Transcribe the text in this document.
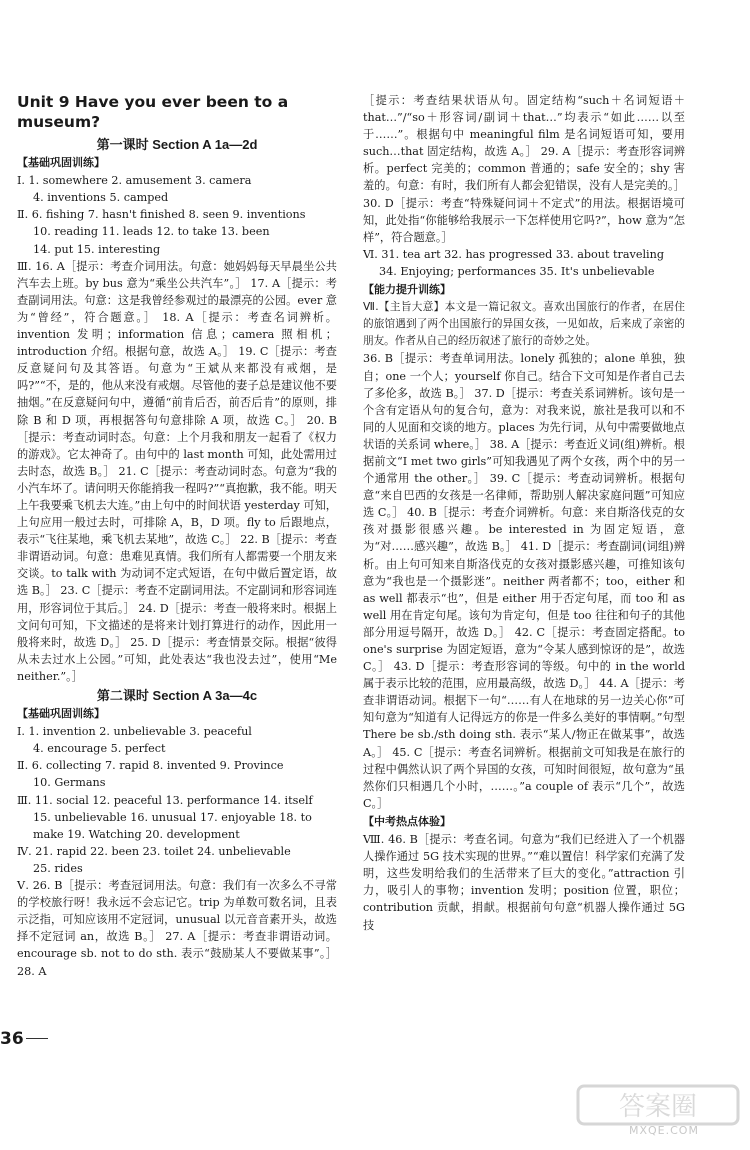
Unit 9 Have you ever been to a museum?
第一课时 Section A 1a—2d
【基础巩固训练】

Ⅰ. 1. somewhere 2. amusement 3. camera

4. inventions 5. camped

Ⅱ. 6. fishing 7. hasn't finished 8. seen 9. inventions

10. reading 11. leads 12. to take 13. been

14. put 15. interesting

Ⅲ. 16. A［提示：考查介词用法。句意：她妈妈每天早晨坐公共汽车去上班。by bus 意为“乘坐公共汽车”。］ 17. A［提示：考查副词用法。句意：这是我曾经参观过的最漂亮的公园。ever 意为“曾经”，符合题意。］ 18. A［提示：考查名词辨析。invention 发明；information 信息；camera 照相机；introduction 介绍。根据句意，故选 A。］ 19. C［提示：考查反意疑问句及其答语。句意为“王斌从来都没有戒烟，是吗?”“不，是的，他从来没有戒烟。尽管他的妻子总是建议他不要抽烟。”在反意疑问句中，遵循“前肯后否，前否后肯”的原则，排除 B 和 D 项，再根据答句句意排除 A 项，故选 C。］ 20. B［提示：考查动词时态。句意：上个月我和朋友一起看了《权力的游戏》。它太神奇了。由句中的 last month 可知，此处需用过去时态，故选 B。］ 21. C［提示：考查动词时态。句意为“我的小汽车坏了。请问明天你能捎我一程吗?”“真抱歉，我不能。明天上午我要乘飞机去大连。”由上句中的时间状语 yesterday 可知，上句应用一般过去时，可排除 A，B，D 项。fly to 后跟地点，表示“飞往某地，乘飞机去某地”，故选 C。］ 22. B［提示：考查非谓语动词。句意：患难见真情。我们所有人都需要一个朋友来交谈。to talk with 为动词不定式短语，在句中做后置定语，故选 B。］ 23. C［提示：考查不定副词用法。不定副词和形容词连用，形容词位于其后。］ 24. D［提示：考查一般将来时。根据上文问句可知，下文描述的是将来计划打算进行的动作，因此用一般将来时，故选 D。］ 25. D［提示：考查情景交际。根据“彼得从未去过水上公园。”可知，此处表达“我也没去过”，使用“Me neither.”。］

第二课时 Section A 3a—4c
【基础巩固训练】

Ⅰ. 1. invention 2. unbelievable 3. peaceful

4. encourage 5. perfect

Ⅱ. 6. collecting 7. rapid 8. invented 9. Province

10. Germans

Ⅲ. 11. social 12. peaceful 13. performance 14. itself

15. unbelievable 16. unusual 17. enjoyable 18. to

make 19. Watching 20. development

Ⅳ. 21. rapid 22. been 23. toilet 24. unbelievable

25. rides

Ⅴ. 26. B［提示：考查冠词用法。句意：我们有一次多么不寻常的学校旅行呀！我永远不会忘记它。trip 为单数可数名词，且表示泛指，可知应该用不定冠词，unusual 以元音音素开头，故选择不定冠词 an，故选 B。］ 27. A［提示：考查非谓语动词。encourage sb. not to do sth. 表示“鼓励某人不要做某事”。］ 28. A

［提示：考查结果状语从句。固定结构“such＋名词短语＋that…”/“so＋形容词/副词＋that…”均表示“如此……以至于……”。根据句中 meaningful film 是名词短语可知，要用 such…that 固定结构，故选 A。］ 29. A［提示：考查形容词辨析。perfect 完美的；common 普通的；safe 安全的；shy 害羞的。句意：有时，我们所有人都会犯错误，没有人是完美的。］ 30. D［提示：考查“特殊疑问词＋不定式”的用法。根据语境可知，此处指“你能够给我展示一下怎样使用它吗?”，how 意为“怎样”，符合题意。］

Ⅵ. 31. tea art 32. has progressed 33. about traveling

34. Enjoying; performances 35. It's unbelievable

【能力提升训练】

Ⅶ.【主旨大意】本文是一篇记叙文。喜欢出国旅行的作者，在居住的旅馆遇到了两个出国旅行的异国女孩，一见如故，后来成了亲密的朋友。作者从自己的经历叙述了旅行的奇妙之处。

36. B［提示：考查单词用法。lonely 孤独的；alone 单独，独自；one 一个人；yourself 你自己。结合下文可知是作者自己去了多伦多，故选 B。］ 37. D［提示：考查关系词辨析。该句是一个含有定语从句的复合句，意为：对我来说，旅社是我可以和不同的人见面和交谈的地方。places 为先行词，从句中需要做地点状语的关系词 where。］ 38. A［提示：考查近义词(组)辨析。根据前文“I met two girls”可知我遇见了两个女孩，两个中的另一个通常用 the other。］ 39. C［提示：考查动词辨析。根据句意“来自巴西的女孩是一名律师，帮助别人解决家庭问题”可知应选 C。］ 40. B［提示：考查介词辨析。句意：来自斯洛伐克的女孩对摄影很感兴趣。be interested in 为固定短语，意为“对……感兴趣”，故选 B。］ 41. D［提示：考查副词(词组)辨析。由上句可知来自斯洛伐克的女孩对摄影感兴趣，可推知该句意为“我也是一个摄影迷”。neither 两者都不；too，either 和 as well 都表示“也”，但是 either 用于否定句尾，而 too 和 as well 用在肯定句尾。该句为肯定句，但是 too 往往和句子的其他部分用逗号隔开，故选 D。］ 42. C［提示：考查固定搭配。to one's surprise 为固定短语，意为“令某人感到惊讶的是”，故选 C。］ 43. D［提示：考查形容词的等级。句中的 in the world 属于表示比较的范围，应用最高级，故选 D。］ 44. A［提示：考查非谓语动词。根据下一句“……有人在地球的另一边关心你”可知句意为“知道有人记得远方的你是一件多么美好的事情啊。”句型 There be sb./sth doing sth. 表示“某人/物正在做某事”，故选 A。］ 45. C［提示：考查名词辨析。根据前文可知我是在旅行的过程中偶然认识了两个异国的女孩，可知时间很短，故句意为“虽然你们只相遇几个小时，……。”a couple of 表示“几个”，故选 C。］

【中考热点体验】

Ⅷ. 46. B［提示：考查名词。句意为“我们已经进入了一个机器人操作通过 5G 技术实现的世界。”“难以置信！科学家们充满了发明，这些发明给我们的生活带来了巨大的变化。”attraction 引力，吸引人的事物；invention 发明；position 位置，职位；contribution 贡献，捐献。根据前句句意“机器人操作通过 5G 技

36
答案圈
MXQE.COM
